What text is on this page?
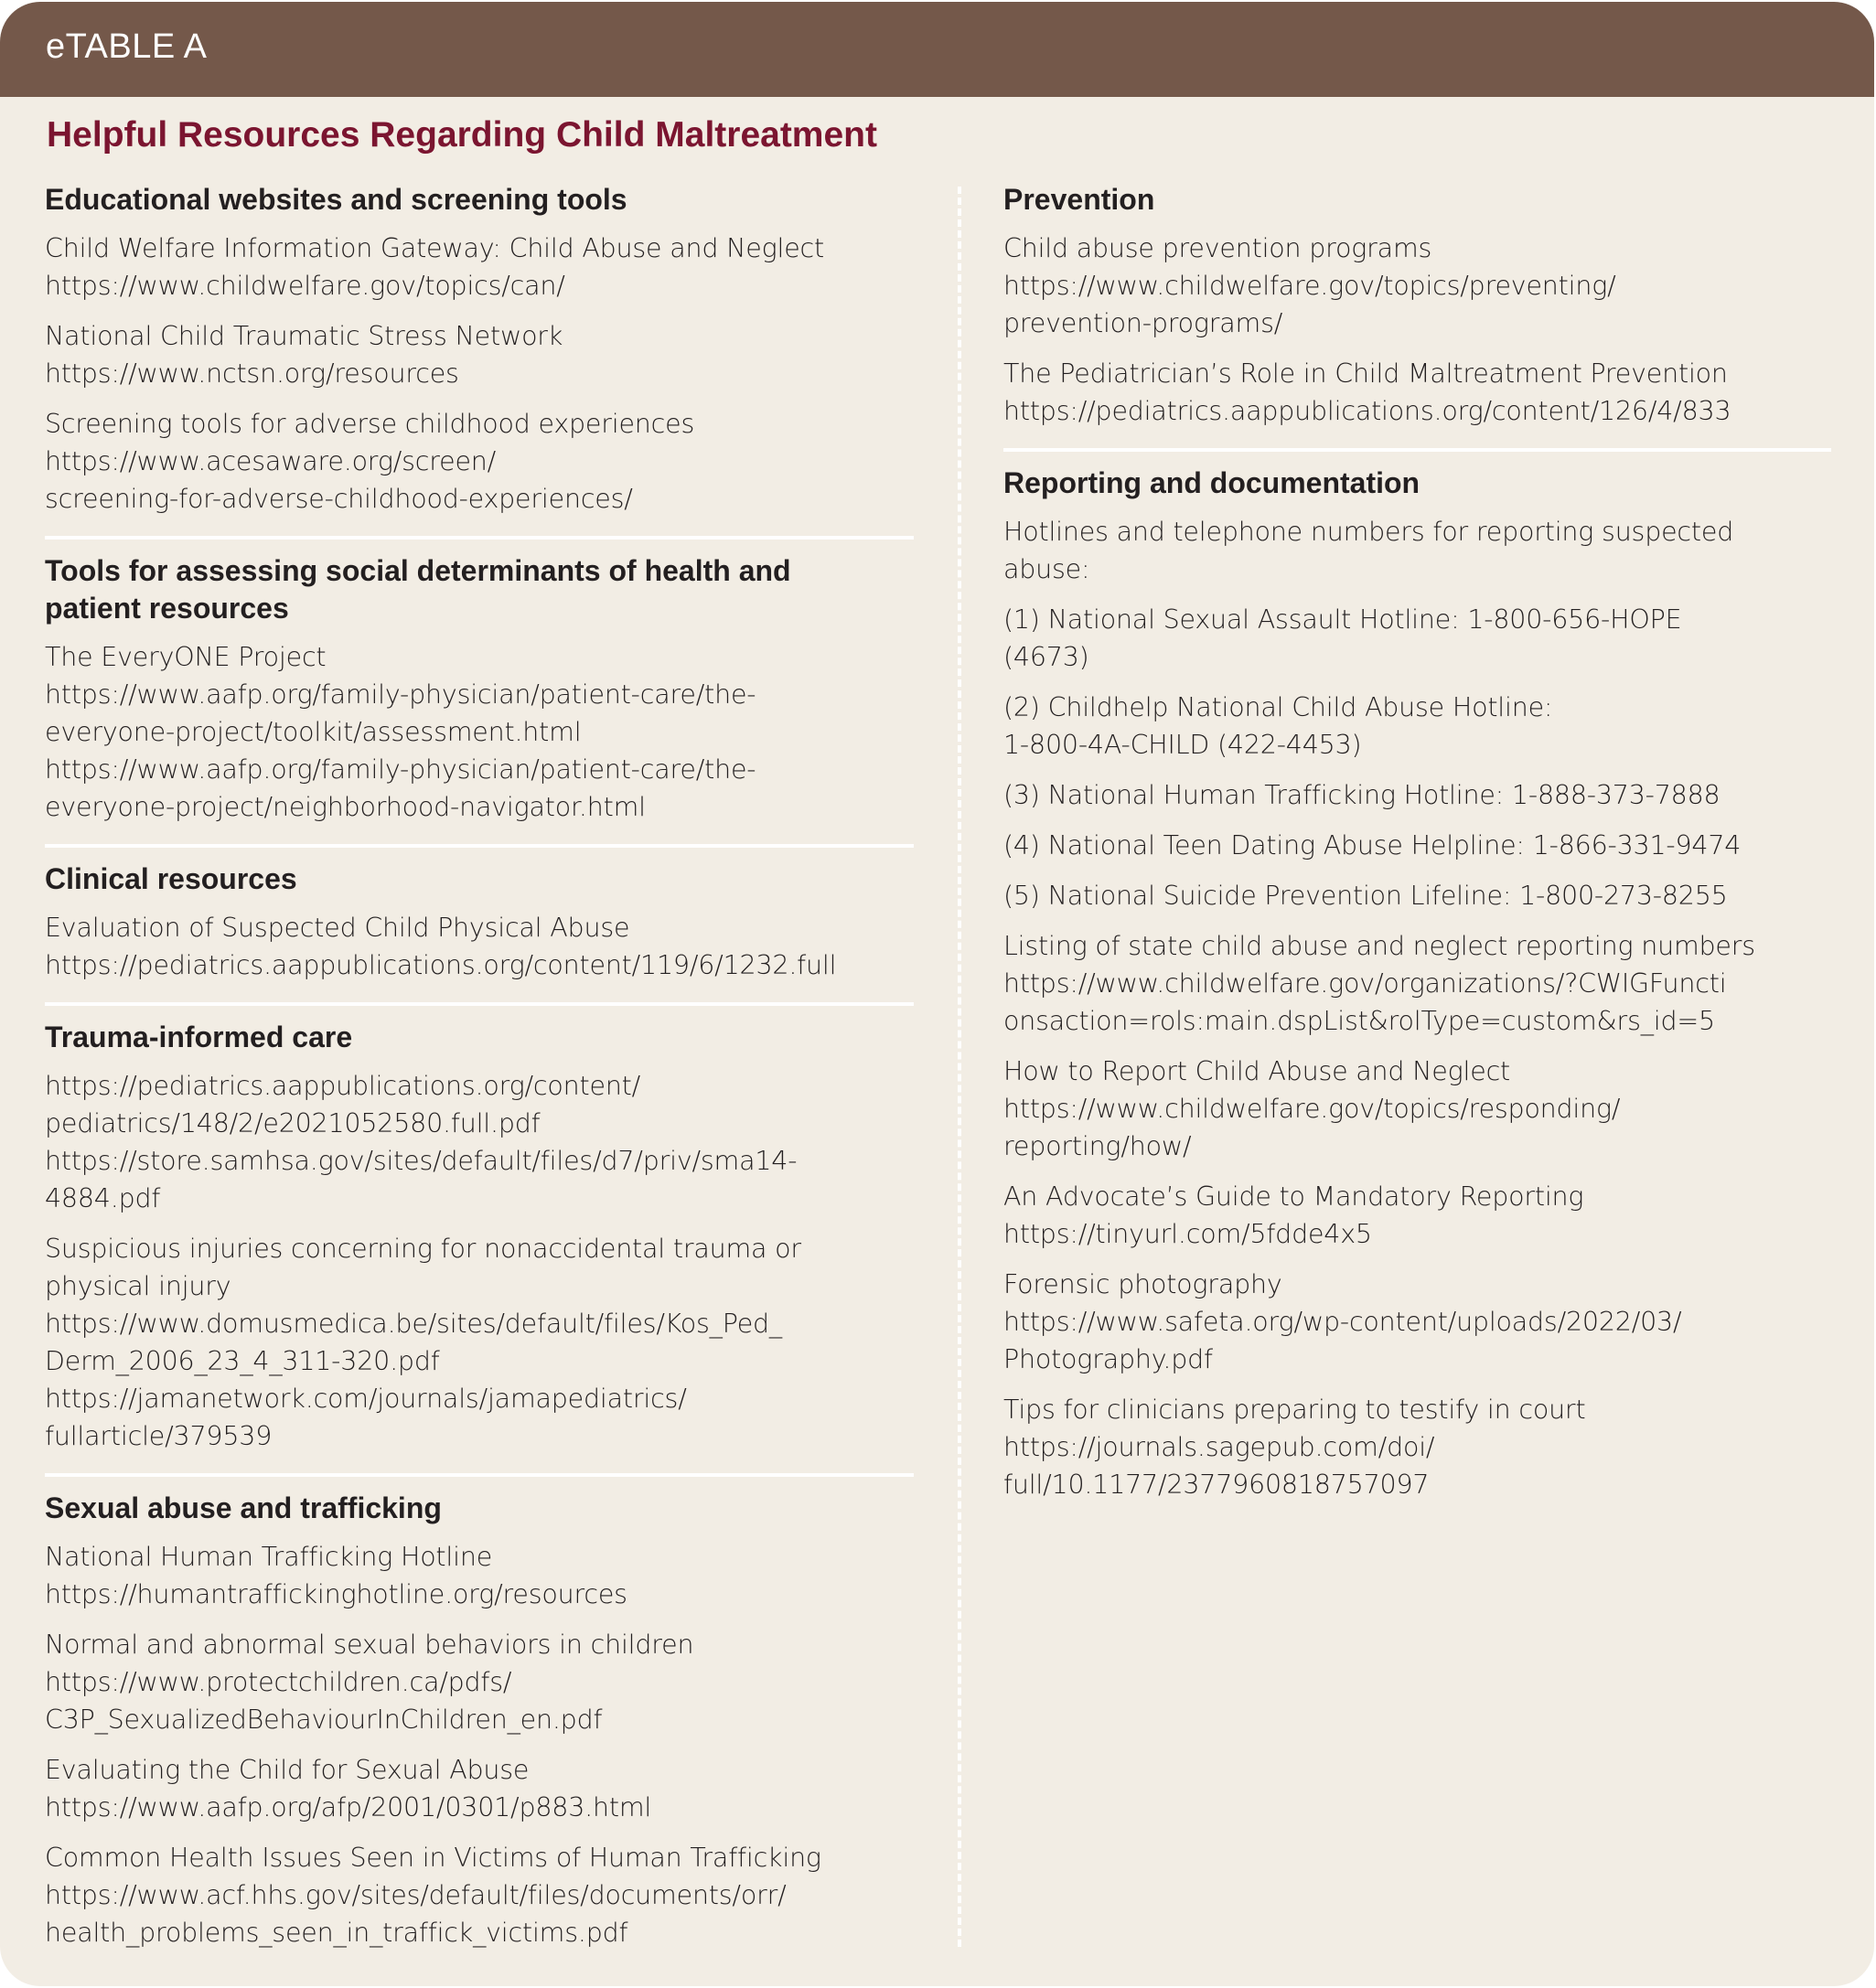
eTABLE A
Helpful Resources Regarding Child Maltreatment
Educational websites and screening tools
Child Welfare Information Gateway: Child Abuse and Neglect
https://www.childwelfare.gov/topics/can/
National Child Traumatic Stress Network
https://www.nctsn.org/resources
Screening tools for adverse childhood experiences
https://www.acesaware.org/screen/
screening-for-adverse-childhood-experiences/
Tools for assessing social determinants of health and
patient resources
The EveryONE Project
https://www.aafp.org/family-physician/patient-care/the-
everyone-project/toolkit/assessment.html
https://www.aafp.org/family-physician/patient-care/the-
everyone-project/neighborhood-navigator.html
Clinical resources
Evaluation of Suspected Child Physical Abuse
https://pediatrics.aappublications.org/content/119/6/1232.full
Trauma-informed care
https://pediatrics.aappublications.org/content/
pediatrics/148/2/e2021052580.full.pdf
https://store.samhsa.gov/sites/default/files/d7/priv/sma14-
4884.pdf
Suspicious injuries concerning for nonaccidental trauma or
physical injury
https://www.domusmedica.be/sites/default/files/Kos_Ped_
Derm_2006_23_4_311-320.pdf
https://jamanetwork.com/journals/jamapediatrics/
fullarticle/379539
Sexual abuse and trafficking
National Human Trafficking Hotline
https://humantraffickinghotline.org/resources
Normal and abnormal sexual behaviors in children
https://www.protectchildren.ca/pdfs/
C3P_SexualizedBehaviourInChildren_en.pdf
Evaluating the Child for Sexual Abuse
https://www.aafp.org/afp/2001/0301/p883.html
Common Health Issues Seen in Victims of Human Trafficking
https://www.acf.hhs.gov/sites/default/files/documents/orr/
health_problems_seen_in_traffick_victims.pdf
Prevention
Child abuse prevention programs
https://www.childwelfare.gov/topics/preventing/
prevention-programs/
The Pediatrician’s Role in Child Maltreatment Prevention
https://pediatrics.aappublications.org/content/126/4/833
Reporting and documentation
Hotlines and telephone numbers for reporting suspected
abuse:
(1) National Sexual Assault Hotline: 1-800-656-HOPE
(4673)
(2) Childhelp National Child Abuse Hotline:
1-800-4A-CHILD (422-4453)
(3) National Human Trafficking Hotline: 1-888-373-7888
(4) National Teen Dating Abuse Helpline: 1-866-331-9474
(5) National Suicide Prevention Lifeline: 1-800-273-8255
Listing of state child abuse and neglect reporting numbers
https://www.childwelfare.gov/organizations/?CWIGFuncti
onsaction=rols:main.dspList&rolType=custom&rs_id=5
How to Report Child Abuse and Neglect
https://www.childwelfare.gov/topics/responding/
reporting/how/
An Advocate’s Guide to Mandatory Reporting
https://tinyurl.com/5fdde4x5
Forensic photography
https://www.safeta.org/wp-content/uploads/2022/03/
Photography.pdf
Tips for clinicians preparing to testify in court
https://journals.sagepub.com/doi/
full/10.1177/2377960818757097
